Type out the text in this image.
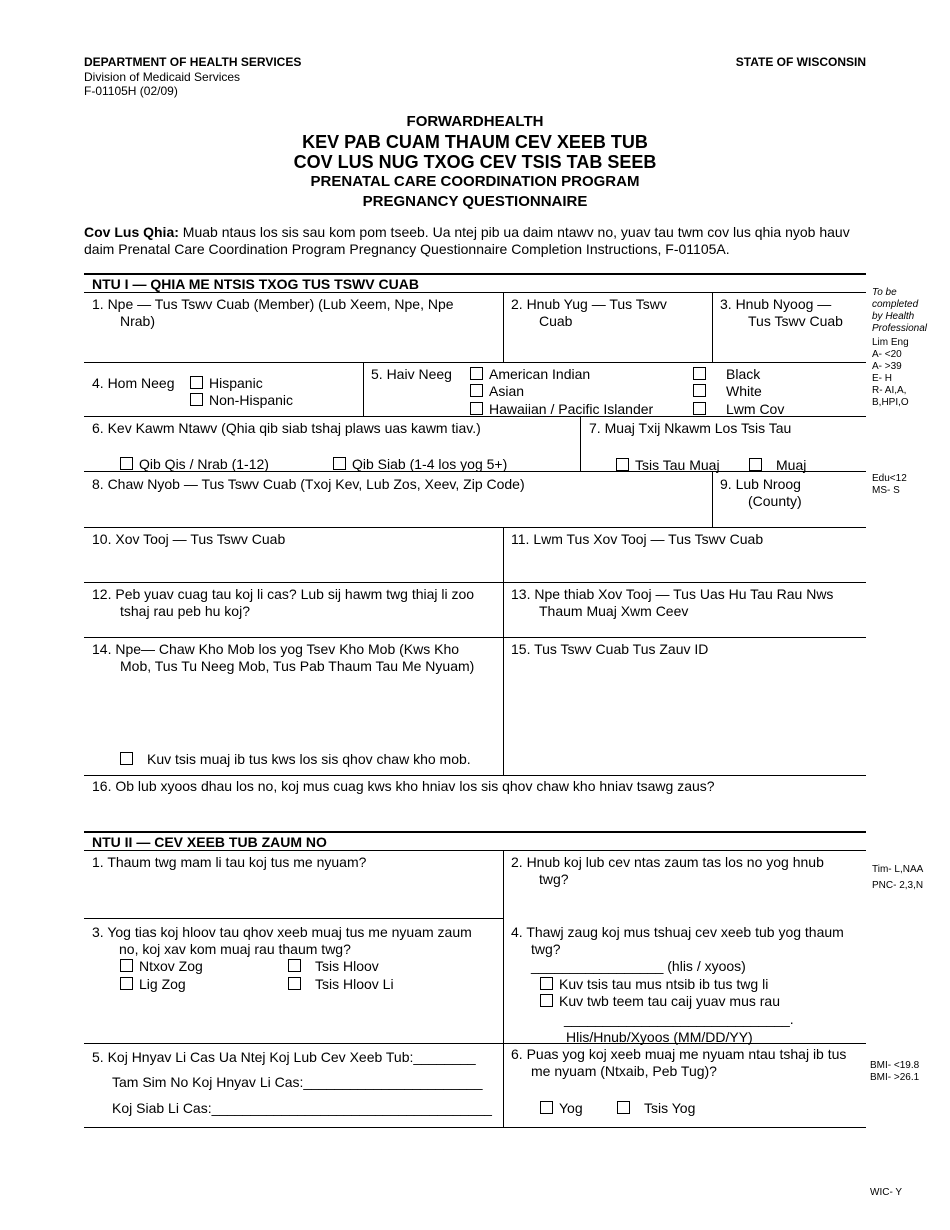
DEPARTMENT OF HEALTH SERVICES
Division of Medicaid Services
F-01105H (02/09)
STATE OF WISCONSIN
FORWARDHEALTH
KEV PAB CUAM THAUM CEV XEEB TUB
COV LUS NUG TXOG CEV TSIS TAB SEEB
PRENATAL CARE COORDINATION PROGRAM
PREGNANCY QUESTIONNAIRE
Cov Lus Qhia: Muab ntaus los sis sau kom pom tseeb. Ua ntej pib ua daim ntawv no, yuav tau twm cov lus qhia nyob hauv daim Prenatal Care Coordination Program Pregnancy Questionnaire Completion Instructions, F-01105A.
NTU I — QHIA ME NTSIS TXOG TUS TSWV CUAB
1. Npe — Tus Tswv Cuab (Member) (Lub Xeem, Npe, Npe
Nrab)
2. Hnub Yug — Tus Tswv
Cuab
3. Hnub Nyoog —
Tus Tswv Cuab
4. Hom Neeg	Hispanic
Non-Hispanic
5. Haiv Neeg	American Indian
Asian
Hawaiian / Pacific Islander
Black
White
Lwm Cov
6. Kev Kawm Ntawv (Qhia qib siab tshaj plaws uas kawm tiav.)
Qib Qis / Nrab (1-12) _____	Qib Siab (1-4 los yog 5+) _____
7. Muaj Txij Nkawm Los Tsis Tau
Tsis Tau Muaj	Muaj
8. Chaw Nyob — Tus Tswv Cuab (Txoj Kev, Lub Zos, Xeev, Zip Code)	9. Lub Nroog
(County)
10. Xov Tooj — Tus Tswv Cuab	11. Lwm Tus Xov Tooj — Tus Tswv Cuab
12. Peb yuav cuag tau koj li cas? Lub sij hawm twg thiaj li zoo
tshaj rau peb hu koj?
13. Npe thiab Xov Tooj — Tus Uas Hu Tau Rau Nws
Thaum Muaj Xwm Ceev
14. Npe— Chaw Kho Mob los yog Tsev Kho Mob (Kws Kho
Mob, Tus Tu Neeg Mob, Tus Pab Thaum Tau Me Nyuam)
Kuv tsis muaj ib tus kws los sis qhov chaw kho mob.
15. Tus Tswv Cuab Tus Zauv ID
16. Ob lub xyoos dhau los no, koj mus cuag kws kho hniav los sis qhov chaw kho hniav tsawg zaus?
NTU II — CEV XEEB TUB ZAUM NO
1. Thaum twg mam li tau koj tus me nyuam?	2. Hnub koj lub cev ntas zaum tas los no yog hnub
twg?
3. Yog tias koj hloov tau qhov xeeb muaj tus me nyuam zaum
no, koj xav kom muaj rau thaum twg?
Ntxov Zog	Tsis Hloov
Lig Zog	Tsis Hloov Li
4. Thawj zaug koj mus tshuaj cev xeeb tub yog thaum
twg?
_________________ (hlis / xyoos)
Kuv tsis tau mus ntsib ib tus twg li
Kuv twb teem tau caij yuav mus rau
_____________________________.
Hlis/Hnub/Xyoos (MM/DD/YY)
5. Koj Hnyav Li Cas Ua Ntej Koj Lub Cev Xeeb Tub:________
Tam Sim No Koj Hnyav Li Cas:_______________________
Koj Siab Li Cas:____________________________________
6. Puas yog koj xeeb muaj me nyuam ntau tshaj ib tus
me nyuam (Ntxaib, Peb Tug)?
Yog	Tsis Yog
To be
completed
by Health
Professional
Lim Eng
A- <20
A- >39
E- H
R- AI,A,
B,HPI,O
Edu<12
MS- S
Tim- L,NAA
PNC- 2,3,N
BMI- <19.8
BMI- >26.1
WIC- Y
